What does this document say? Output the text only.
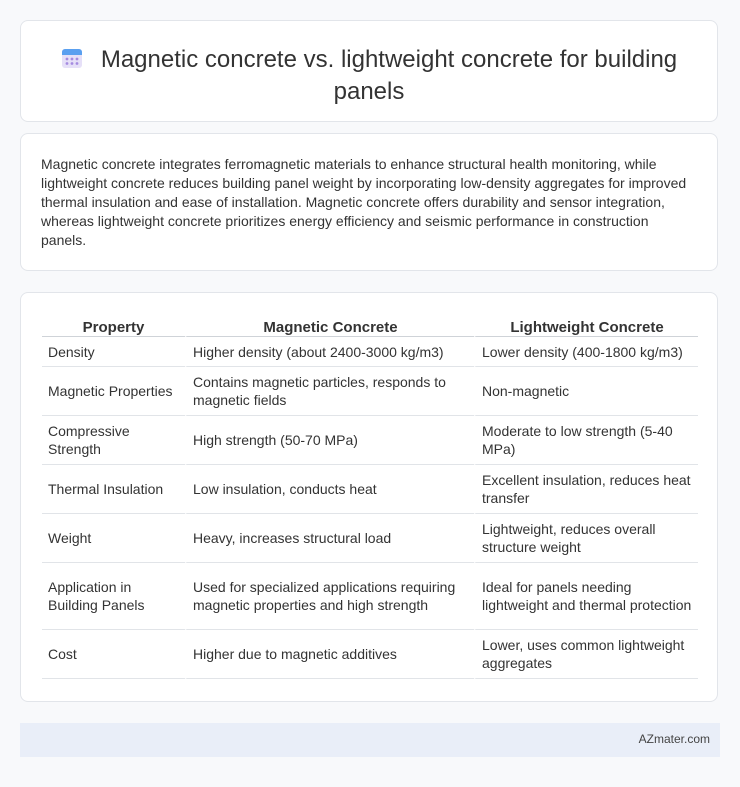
Magnetic concrete vs. lightweight concrete for building panels
Magnetic concrete integrates ferromagnetic materials to enhance structural health monitoring, while lightweight concrete reduces building panel weight by incorporating low-density aggregates for improved thermal insulation and ease of installation. Magnetic concrete offers durability and sensor integration, whereas lightweight concrete prioritizes energy efficiency and seismic performance in construction panels.
Property	Magnetic Concrete	Lightweight Concrete
Density	Higher density (about 2400-3000 kg/m3)	Lower density (400-1800 kg/m3)
Magnetic Properties	Contains magnetic particles, responds to magnetic fields	Non-magnetic
Compressive Strength	High strength (50-70 MPa)	Moderate to low strength (5-40 MPa)
Thermal Insulation	Low insulation, conducts heat	Excellent insulation, reduces heat transfer
Weight	Heavy, increases structural load	Lightweight, reduces overall structure weight
Application in Building Panels	Used for specialized applications requiring magnetic properties and high strength	Ideal for panels needing lightweight and thermal protection
Cost	Higher due to magnetic additives	Lower, uses common lightweight aggregates
AZmater.com
